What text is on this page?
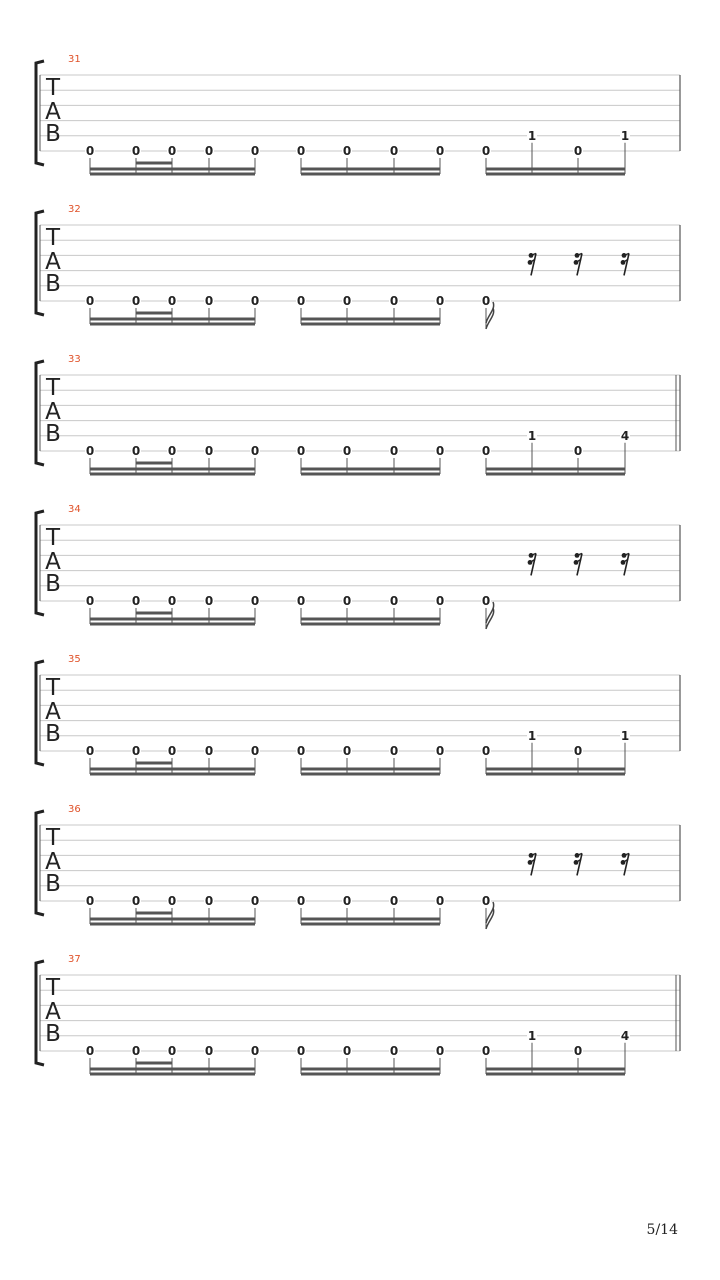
31
T
A
B
0	0 0 0	0	0	0	0	0	0	0
1	1
32
T
A
B
0	0 0 0	0	0	0	0	0	0
33
T
A
B
0	0 0 0	0	0	0	0	0	0	0
1	4
34
T
A
B
0	0 0 0	0	0	0	0	0	0
35
T
A
B
0	0 0 0	0	0	0	0	0	0	0
1	1
36
T
A
B
0	0 0 0	0	0	0	0	0	0
37
T
A
B
0	0 0 0	0	0	0	0	0	0	0
1	4
5/14
